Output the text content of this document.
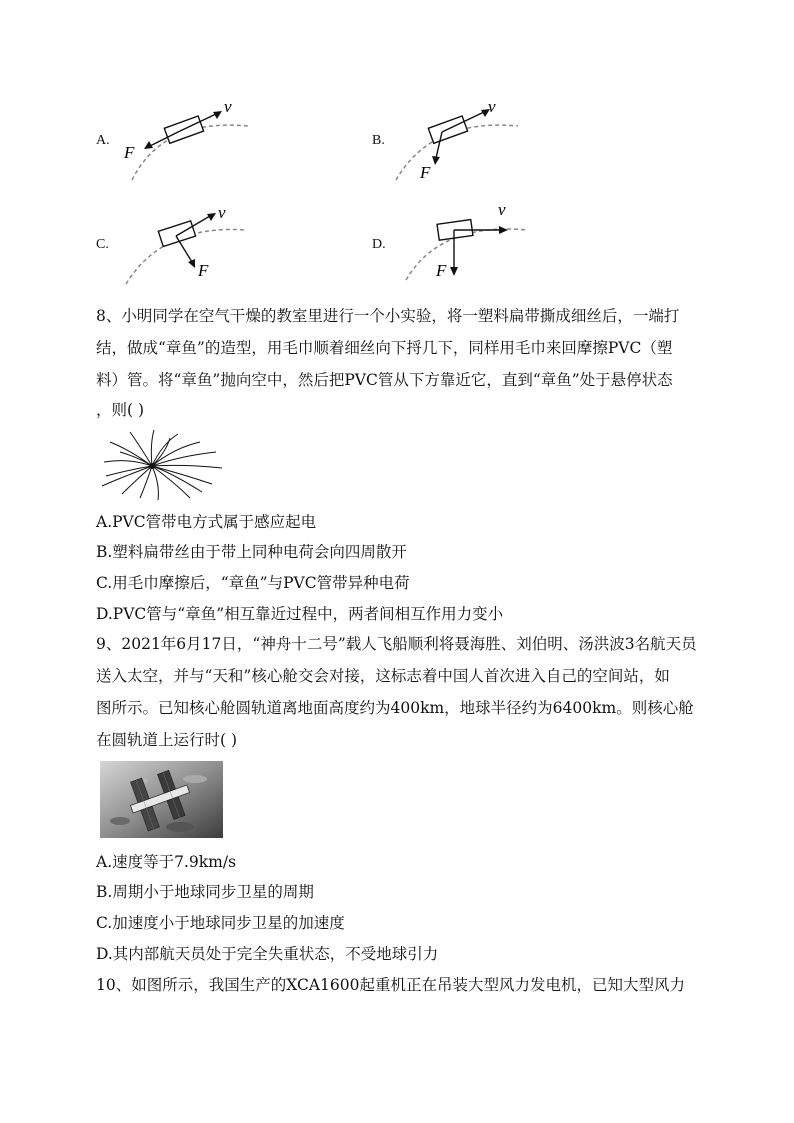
A.
v
F
B.
v
F
C.
v
F
D.
v
F
8、小明同学在空气干燥的教室里进行一个小实验，将一塑料扁带撕成细丝后，一端打
结，做成“章鱼”的造型，用毛巾顺着细丝向下捋几下，同样用毛巾来回摩擦PVC（塑
料）管。将“章鱼”抛向空中，然后把PVC管从下方靠近它，直到“章鱼”处于悬停状态
，则( )
A.PVC管带电方式属于感应起电
B.塑料扁带丝由于带上同种电荷会向四周散开
C.用毛巾摩擦后，“章鱼”与PVC管带异种电荷
D.PVC管与“章鱼”相互靠近过程中，两者间相互作用力变小
9、2021年6月17日，“神舟十二号”载人飞船顺利将聂海胜、刘伯明、汤洪波3名航天员
送入太空，并与“天和”核心舱交会对接，这标志着中国人首次进入自己的空间站，如
图所示。已知核心舱圆轨道离地面高度约为400km，地球半径约为6400km。则核心舱
在圆轨道上运行时( )
A.速度等于7.9km/s
B.周期小于地球同步卫星的周期
C.加速度小于地球同步卫星的加速度
D.其内部航天员处于完全失重状态，不受地球引力
10、如图所示，我国生产的XCA1600起重机正在吊装大型风力发电机，已知大型风力
